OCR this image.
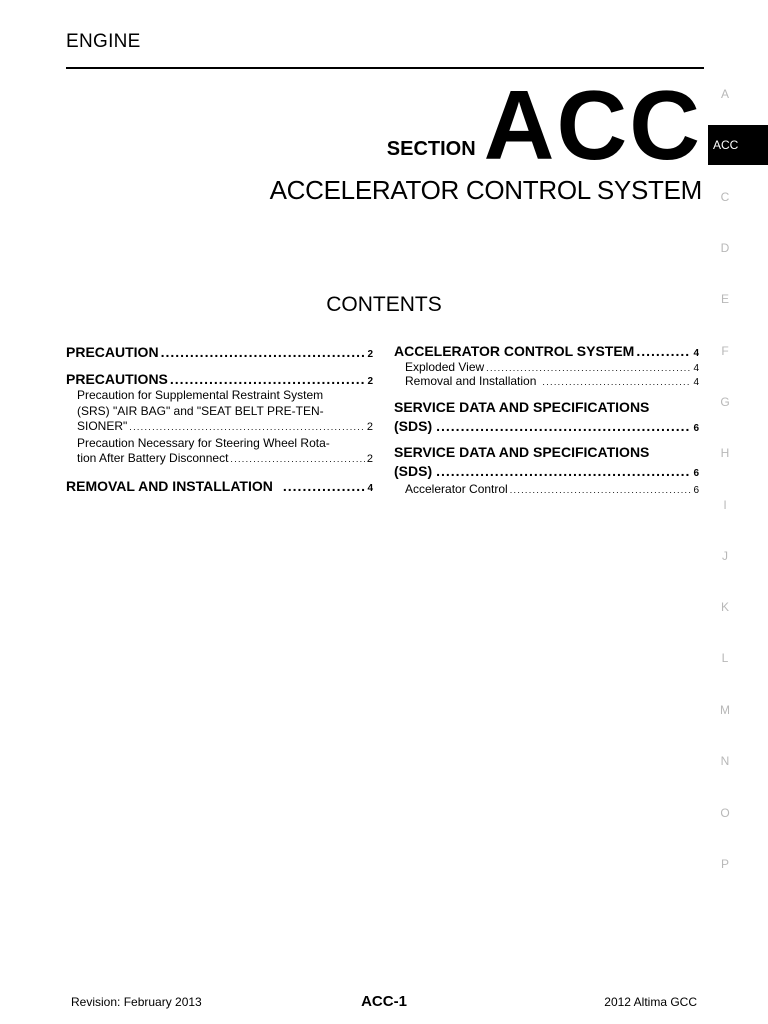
ENGINE
SECTION ACC
ACCELERATOR CONTROL SYSTEM
CONTENTS
PRECAUTION .....	2
PRECAUTIONS .....	2
Precaution for Supplemental Restraint System
(SRS) "AIR BAG" and "SEAT BELT PRE-TEN-
SIONER" .....	2
Precaution Necessary for Steering Wheel Rota-
tion After Battery Disconnect .....	2
REMOVAL AND INSTALLATION .....	4
ACCELERATOR CONTROL SYSTEM .....	4
Exploded View .....	4
Removal and Installation .....	4
SERVICE DATA AND SPECIFICATIONS
(SDS) .....	6
SERVICE DATA AND SPECIFICATIONS
(SDS) .....	6
Accelerator Control .....	6
A
ACC
C
D
E
F
G
H
I
J
K
L
M
N
O
P
Revision: February 2013	ACC-1	2012 Altima GCC
